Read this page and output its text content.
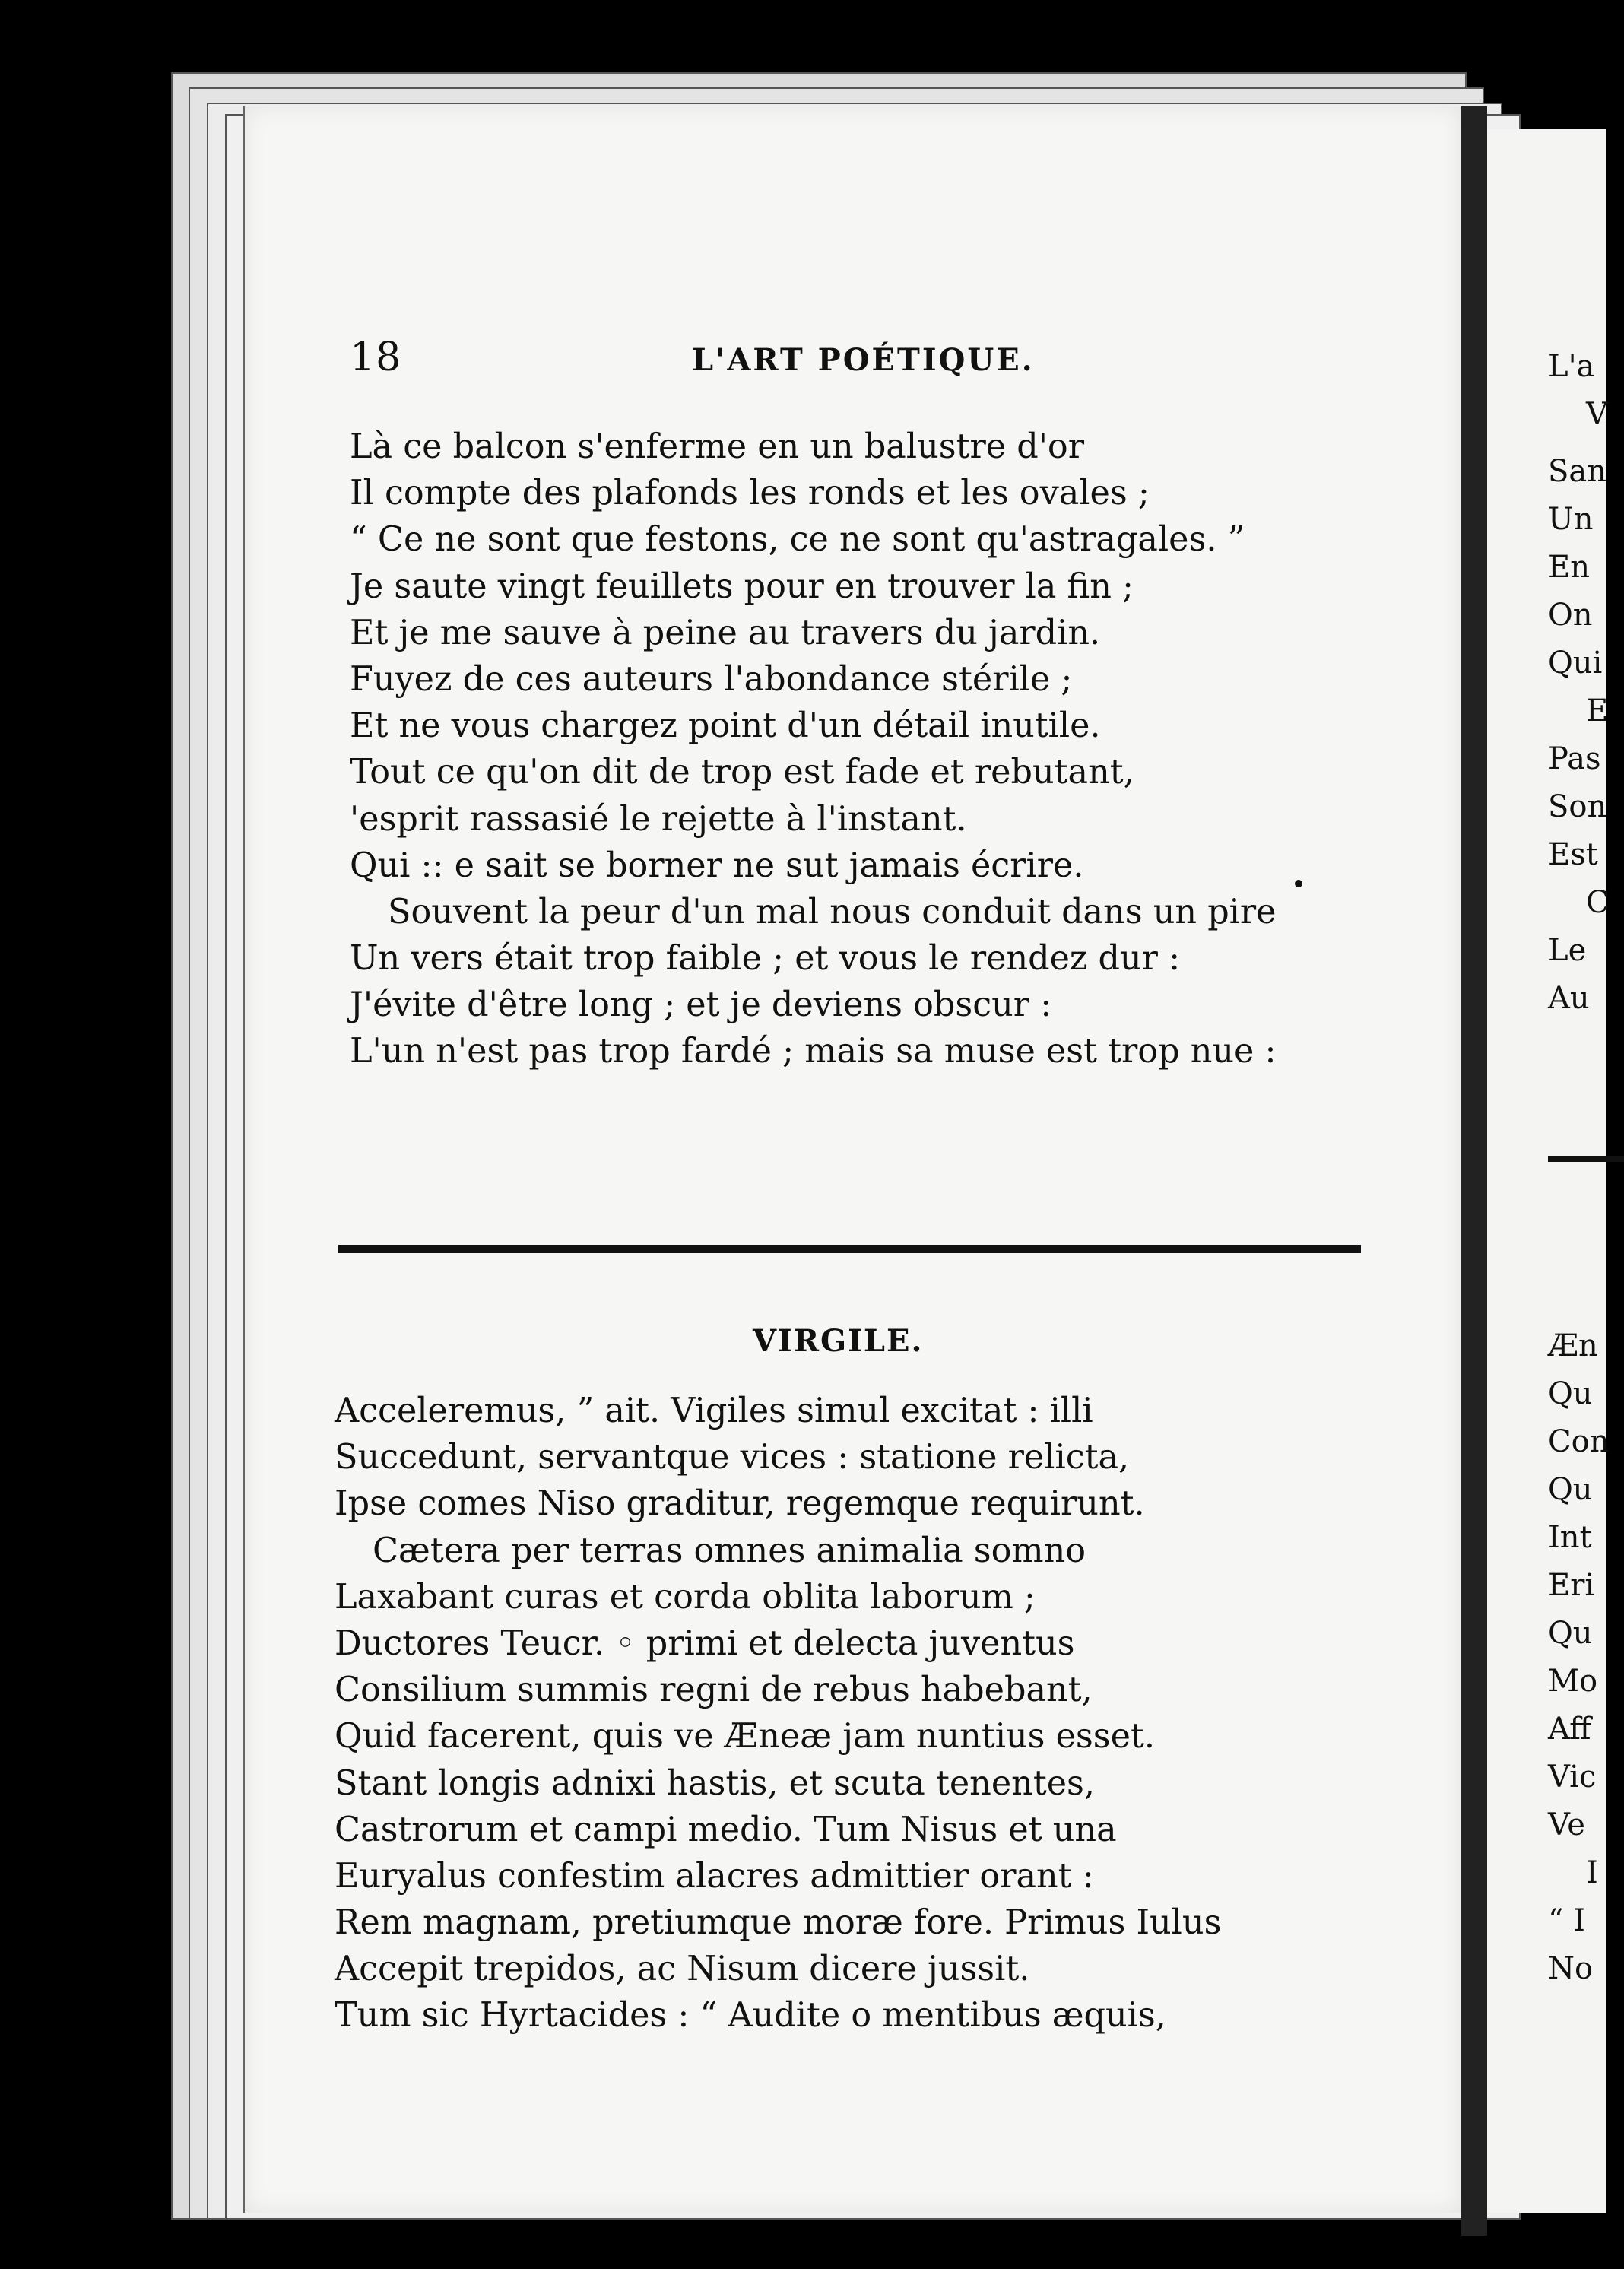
18	L'ART POÉTIQUE.
Là ce balcon s'enferme en un balustre d'or
Il compte des plafonds les ronds et les ovales ;
“ Ce ne sont que festons, ce ne sont qu'astragales. ”
Je saute vingt feuillets pour en trouver la fin ;
Et je me sauve à peine au travers du jardin.
Fuyez de ces auteurs l'abondance stérile ;
Et ne vous chargez point d'un détail inutile.
Tout ce qu'on dit de trop est fade et rebutant,
'esprit rassasié le rejette à l'instant.
Qui :: e sait se borner ne sut jamais écrire.
Souvent la peur d'un mal nous conduit dans un pire
Un vers était trop faible ; et vous le rendez dur :
J'évite d'être long ; et je deviens obscur :
L'un n'est pas trop fardé ; mais sa muse est trop nue :
VIRGILE.
Acceleremus, ” ait. Vigiles simul excitat : illi
Succedunt, servantque vices : statione relicta,
Ipse comes Niso graditur, regemque requirunt.
Cætera per terras omnes animalia somno
Laxabant curas et corda oblita laborum ;
Ductores Teucr. ◦ primi et delecta juventus
Consilium summis regni de rebus habebant,
Quid facerent, quis ve Æneæ jam nuntius esset.
Stant longis adnixi hastis, et scuta tenentes,
Castrorum et campi medio. Tum Nisus et una
Euryalus confestim alacres admittier orant :
Rem magnam, pretiumque moræ fore. Primus Iulus
Accepit trepidos, ac Nisum dicere jussit.
Tum sic Hyrtacides : “ Audite o mentibus æquis,
L'a
V
San
Un
En
On
Qui
E
Pas
Son
Est
C
Le
Au
Æn
Qu
Con
Qu
Int
Eri
Qu
Mo
Aff
Vic
Ve
I
“ I
No
